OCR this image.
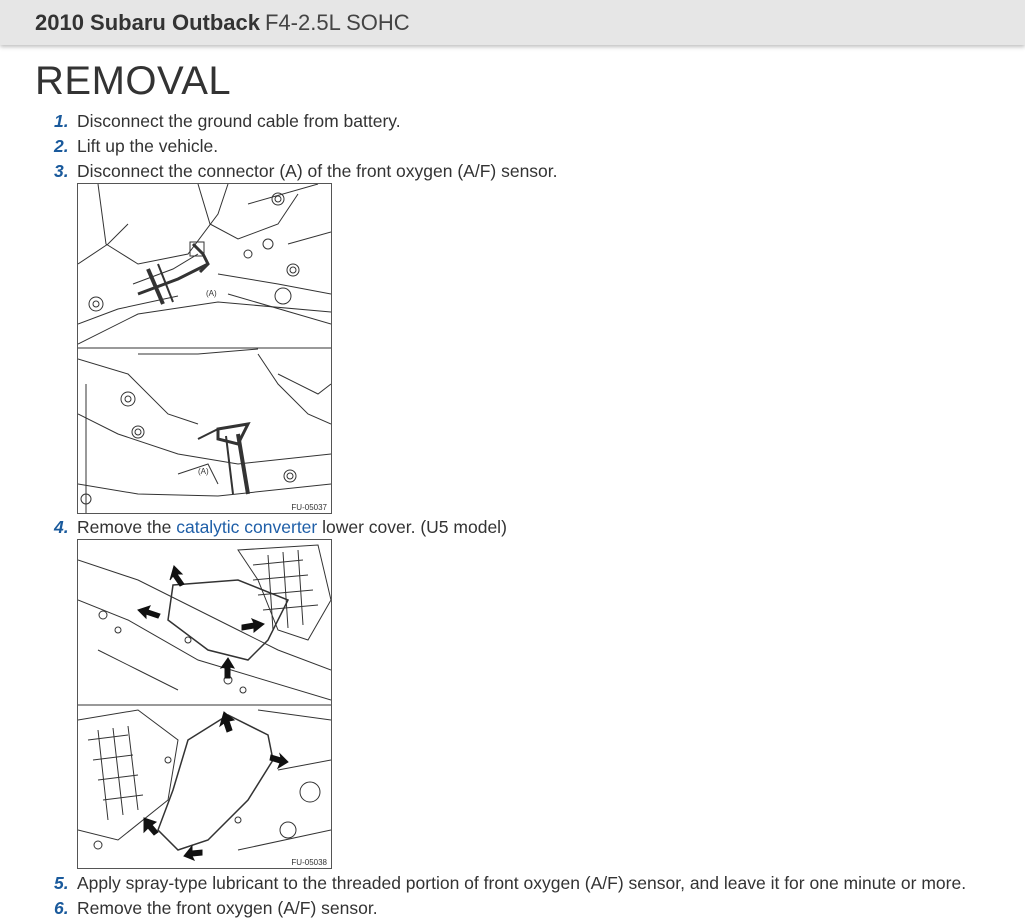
2010 Subaru Outback F4-2.5L SOHC
REMOVAL
1. Disconnect the ground cable from battery.
2. Lift up the vehicle.
3. Disconnect the connector (A) of the front oxygen (A/F) sensor.
(A)
(A)
FU-05037
4. Remove the catalytic converter lower cover. (U5 model)
FU-05038
5. Apply spray-type lubricant to the threaded portion of front oxygen (A/F) sensor, and leave it for one minute or more.
6. Remove the front oxygen (A/F) sensor.
